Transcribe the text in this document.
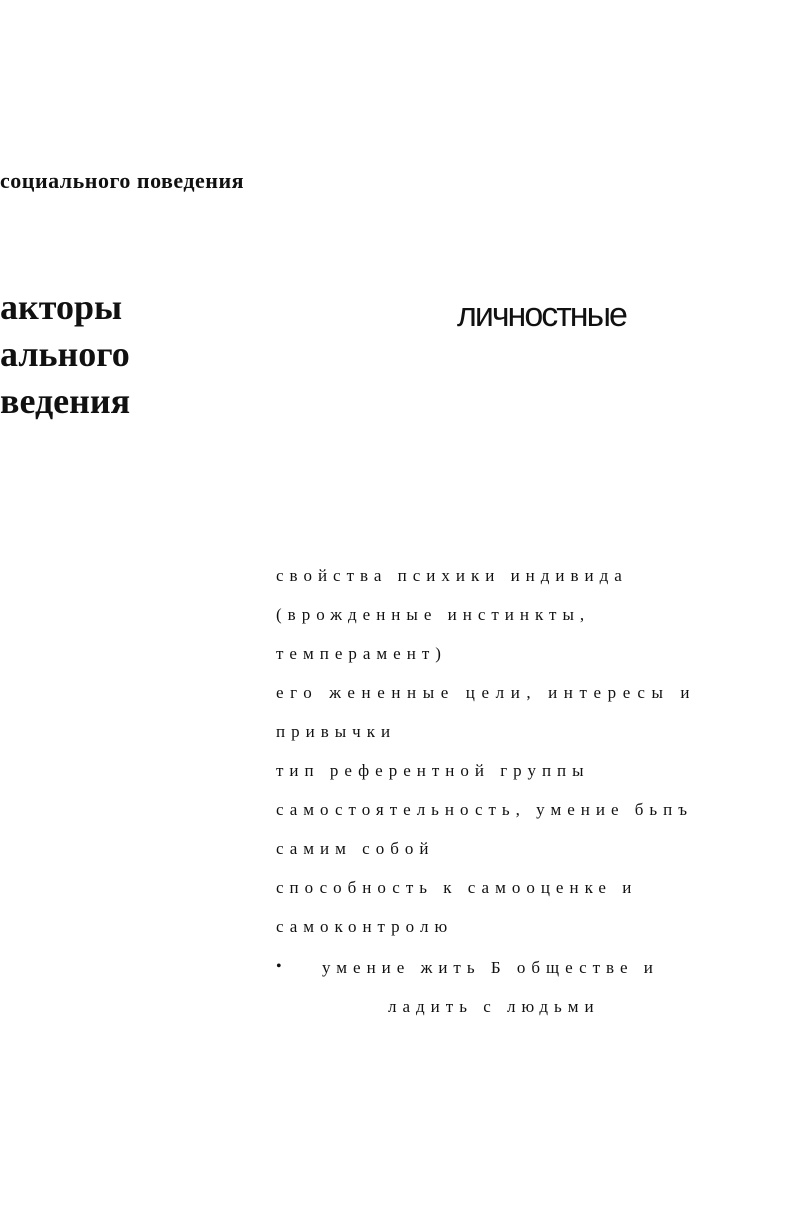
социального поведения
акторы
ального
ведения
личностные
свойства психики индивида
(врожденные инстинкты,
темперамент)
его жененные цели, интересы и
привычки
тип референтной группы
самостоятельность, умение бьпъ
самим собой
способность к самооценке и
самоконтролю
• умение жить Б обществе и
ладить с людьми
